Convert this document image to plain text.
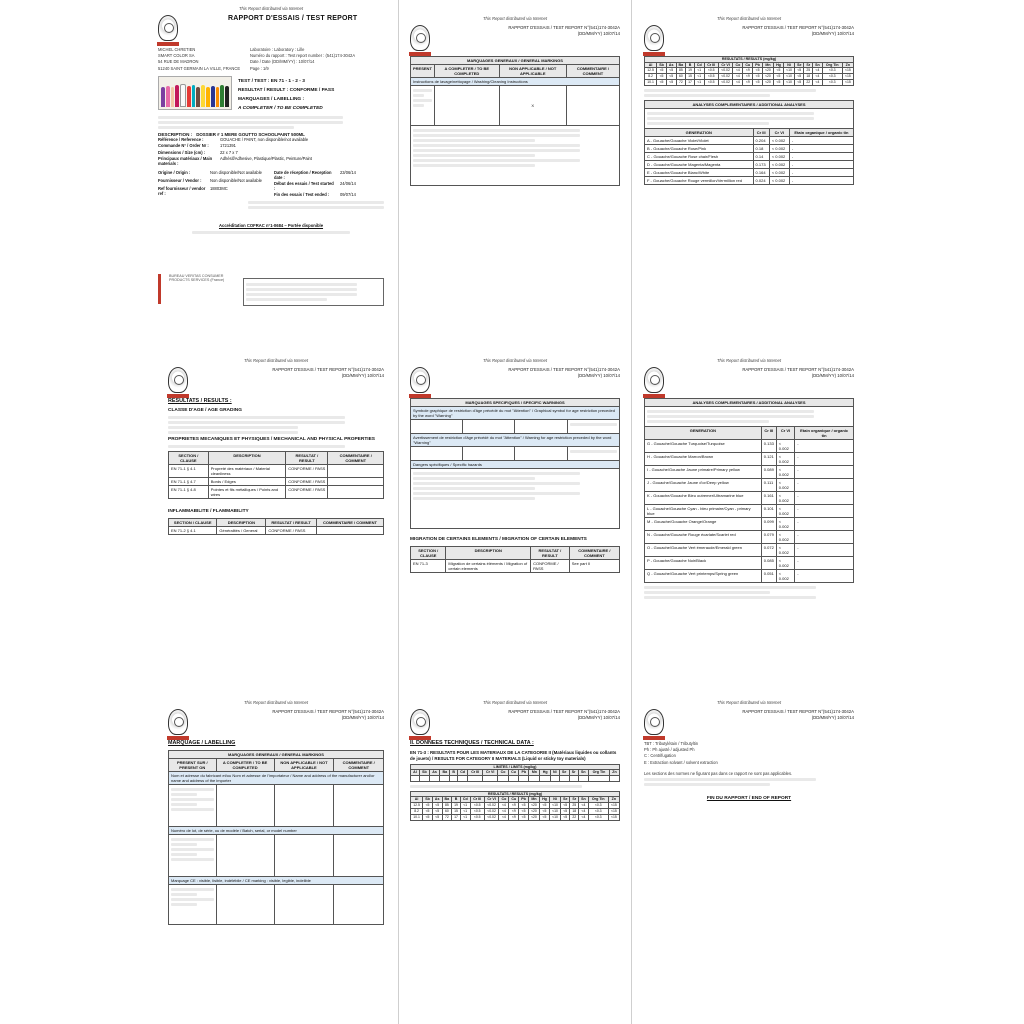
This Report distributed via Internet
RAPPORT D'ESSAIS / TEST REPORT
MICHEL CHRETIEN
SMART COLOR SA
54 RUE DE MADRON
51240 SAINT GERMAIN LA VILLE, FRANCE
Laboratoire : Laboratory : Lille
Numéro du rapport : Test report number : (541)174-3042A
Date / Date (DD/MM/YY) : 10/07/14
Page : 1/9
TEST / TEST : EN 71 - 1 - 2 - 3
RESULTAT / RESULT : CONFORME / PASS
MARQUAGES / LABELLING :
A COMPLETER / TO BE COMPLETED
DESCRIPTION : DOSSIER # 1 MERE GOUTTO SCHOOLPAINT 500ML
Référence / Reference :	GOUACHE / PAINT, non disponible/not available
Commande N° / Order Nr :	1721391
Dimensions / Size (cm) :	22 x 7 x 7
Principaux matériaux / Main materials :
Adhésif/Adhesive, Plastique/Plastic, Peinture/Paint
Origine / Origin :	Non disponible/Not available
Fournisseur / Vendor :	Non disponible/Not available
Ref fournisseur / vendor ref :
18803MC
Date de réception / Reception date :
23/06/14
Début des essais / Test started :
24/06/14
Fin des essais / Test ended :	09/07/14
Accréditation COFRAC n°1-0684 – Portée disponible
BUREAU VERITAS CONSUMER PRODUCTS SERVICES (France)
This Report distributed via Internet
RAPPORT D'ESSAIS / TEST REPORT N°(541)174-3042A
(DD/MM/YY) 10/07/14
MARQUAGES GENERAUX / GENERAL MARKINGS			
PRESENT	A COMPLETER / TO BE COMPLETED	NON APPLICABLE / NOT APPLICABLE	COMMENTAIRE / COMMENT
Instructions de lavage/nettoyage / Washing/Cleaning Instructions			

		X	

This Report distributed via Internet
RAPPORT D'ESSAIS / TEST REPORT N°(541)174-3042A
(DD/MM/YY) 10/07/14
RESULTATS / RESULTS (mg/kg)																		
Al	Sb	As	Ba	B	Cd	Cr III	Cr VI	Co	Cu	Pb	Mn	Hg	Ni	Se	Sr	Sn	Org Tin	Zn
12.5	<5	<5	85	19	<1	<0.5	<0.02	<4	<9	<5	<20	<5	<10	<5	25	<4	<0.3	<15
8.2	<5	<5	60	15	<1	<0.5	<0.02	<4	<9	<5	<20	<5	<10	<5	18	<4	<0.3	<15
10.1	<5	<5	72	17	<1	<0.5	<0.02	<4	<9	<5	<20	<5	<10	<5	22	<4	<0.3	<15
ANALYSES COMPLEMENTAIRES / ADDITIONAL ANALYSES			

GENERATION	Cr III	Cr VI	Etain organique / organic tin
A - Gouache/Gouache Violet/Violet	0.204	< 0.002	-
B - Gouache/Gouache Rose/Pink	0.18	< 0.002	-
C - Gouache/Gouache Rose chair/Flesh	0.14	< 0.002	-
D - Gouache/Gouache Magenta/Magenta	0.173	< 0.002	-
E - Gouache/Gouache Blanc/White	0.164	< 0.002	-
F - Gouache/Gouache Rouge vermillon/Vermillion red	0.024	< 0.002	-
This Report distributed via Internet
RAPPORT D'ESSAIS / TEST REPORT N°(541)174-3042A
(DD/MM/YY) 10/07/14
RESULTATS / RESULTS :
CLASSE D'AGE / AGE GRADING
PROPRIETES MECANIQUES ET PHYSIQUES / MECHANICAL AND PHYSICAL PROPERTIES
SECTION / CLAUSE	DESCRIPTION	RESULTAT / RESULT	COMMENTAIRE / COMMENT
EN 71-1 § 4.1	Propreté des matériaux / Material cleanliness	CONFORME / PASS	
EN 71-1 § 4.7	Bords / Edges	CONFORME / PASS	
EN 71-1 § 4.8	Pointes et fils métalliques / Points and wires	CONFORME / PASS	
INFLAMMABILITE / FLAMMABILITY
SECTION / CLAUSE	DESCRIPTION	RESULTAT / RESULT	COMMENTAIRE / COMMENT
EN 71-2 § 4.1	Généralités / General	CONFORME / PASS	
This Report distributed via Internet
RAPPORT D'ESSAIS / TEST REPORT N°(541)174-3042A
(DD/MM/YY) 10/07/14
MARQUAGES SPECIFIQUES / SPECIFIC WARNINGS			
Symbole graphique de restriction d'âge précédé du mot "Attention" / Graphical symbol for age restriction preceded by the word "Warning"			

Avertissement de restriction d'âge précédé du mot "Attention" / Warning for age restriction preceded by the word "Warning"			

Dangers spécifiques / Specific hazards			

MIGRATION DE CERTAINS ELEMENTS / MIGRATION OF CERTAIN ELEMENTS
SECTION / CLAUSE	DESCRIPTION	RESULTAT / RESULT	COMMENTAIRE / COMMENT
EN 71-3	Migration de certains éléments / Migration of certain elements	CONFORME / PASS	See part II
This Report distributed via Internet
RAPPORT D'ESSAIS / TEST REPORT N°(541)174-3042A
(DD/MM/YY) 10/07/14
ANALYSES COMPLEMENTAIRES / ADDITIONAL ANALYSES			

GENERATION	Cr III	Cr VI	Etain organique / organic tin
G - Gouache/Gouache Turquoise/Turquoise	0.133	< 0.002	-
H - Gouache/Gouache Marron/Brown	0.121	< 0.002	-
I - Gouache/Gouache Jaune primaire/Primary yellow	0.089	< 0.002	-
J - Gouache/Gouache Jaune d'or/Deep yellow	0.111	< 0.002	-
K - Gouache/Gouache Bleu outremer/Ultramarine blue	0.161	< 0.002	-
L - Gouache/Gouache Cyan - bleu primaire/Cyan - primary blue	0.101	< 0.002	-
M - Gouache/Gouache Orange/Orange	0.099	< 0.002	-
N - Gouache/Gouache Rouge écarlate/Scarlet red	0.079	< 0.002	-
O - Gouache/Gouache Vert émeraude/Emerald green	0.072	< 0.002	-
P - Gouache/Gouache Noir/Black	0.085	< 0.002	-
Q - Gouache/Gouache Vert printemps/Spring green	0.051	< 0.002	-
This Report distributed via Internet
RAPPORT D'ESSAIS / TEST REPORT N°(541)174-3042A
(DD/MM/YY) 10/07/14
MARQUAGE / LABELLING
MARQUAGES GENERAUX / GENERAL MARKINGS			
PRESENT SUR / PRESENT ON	A COMPLETER / TO BE COMPLETED	NON APPLICABLE / NOT APPLICABLE	COMMENTAIRE / COMMENT
Nom et adresse du fabricant et/ou Nom et adresse de l'importateur / Name and address of the manufacturer and/or name and address of the importer			

Numéro de lot, de série, ou de modèle / Batch, serial, or model number			

Marquage CE : visible, lisible, indélébile / CE marking : visible, legible, indelible			

This Report distributed via Internet
RAPPORT D'ESSAIS / TEST REPORT N°(541)174-3042A
(DD/MM/YY) 10/07/14
II. DONNEES TECHNIQUES / TECHNICAL DATA :
EN 71-3 : RESULTATS POUR LES MATERIAUX DE LA CATEGORIE II (Matériaux liquides ou collants de jouets) / RESULTS FOR CATEGORY II MATERIALS (Liquid or sticky toy materials)
LIMITES / LIMITS (mg/kg)																		
Al	Sb	As	Ba	B	Cd	Cr III	Cr VI	Co	Cu	Pb	Mn	Hg	Ni	Se	Sr	Sn	Org Tin	Zn

RESULTATS / RESULTS (mg/kg)																		
Al	Sb	As	Ba	B	Cd	Cr III	Cr VI	Co	Cu	Pb	Mn	Hg	Ni	Se	Sr	Sn	Org Tin	Zn
12.5	<5	<5	85	19	<1	<0.5	<0.02	<4	<9	<5	<20	<5	<10	<5	25	<4	<0.3	<15
8.2	<5	<5	60	15	<1	<0.5	<0.02	<4	<9	<5	<20	<5	<10	<5	18	<4	<0.3	<15
10.1	<5	<5	72	17	<1	<0.5	<0.02	<4	<9	<5	<20	<5	<10	<5	22	<4	<0.3	<15
This Report distributed via Internet
RAPPORT D'ESSAIS / TEST REPORT N°(541)174-3042A
(DD/MM/YY) 10/07/14
TBT : Tributylétain / Tributyltin
Ph : Ph ajusté / adjusted Ph
C : Centrifugation
E : Extraction solvant / solvent extraction
Les sections des normes ne figurant pas dans ce rapport ne sont pas applicables.
FIN DU RAPPORT / END OF REPORT
